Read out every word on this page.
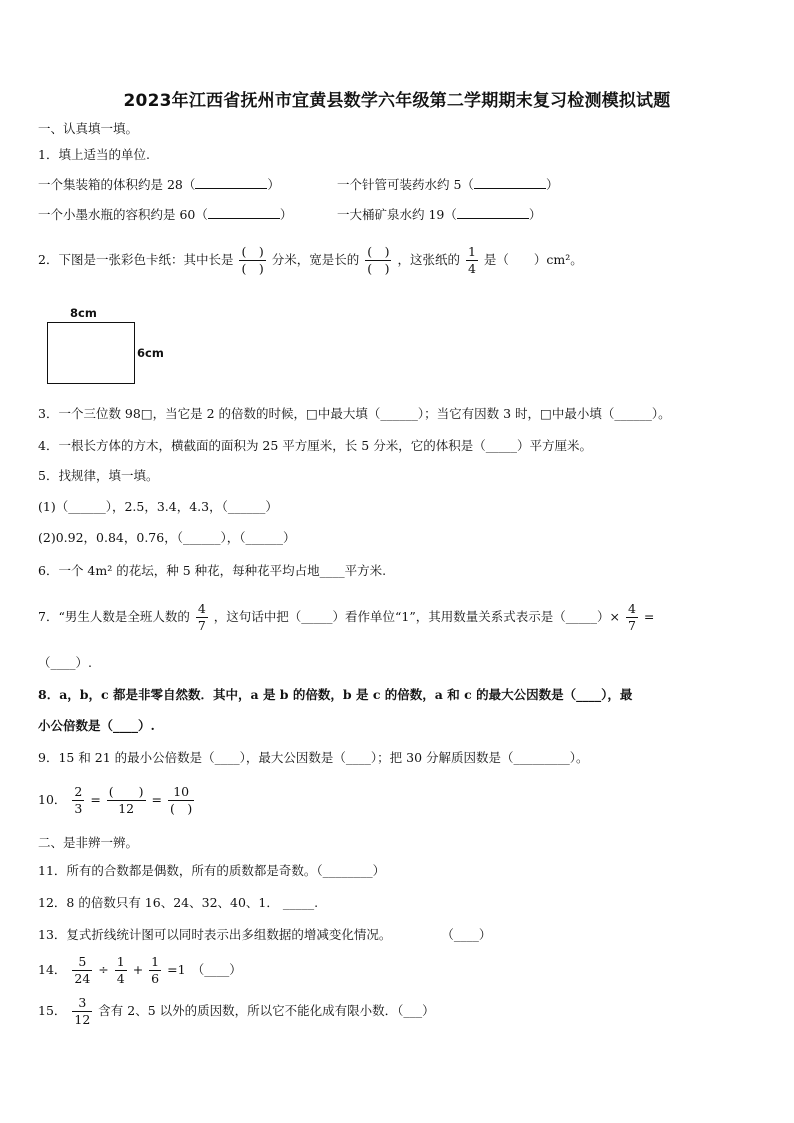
2023年江西省抚州市宜黄县数学六年级第二学期期末复习检测模拟试题
一、认真填一填。
1．填上适当的单位.
一个集装箱的体积约是 28（	）	一个针管可装药水约 5（	）
一个小墨水瓶的容积约是 60（	）	一大桶矿泉水约 19（	）
2．下图是一张彩色卡纸：其中长是 $\frac{( )}{( )}$ 分米，宽是长的 $\frac{( )}{( )}$ ，这张纸的 $\frac{1}{4}$ 是（　　）cm²。
8cm
6cm
3．一个三位数 98□，当它是 2 的倍数的时候，□中最大填（______）；当它有因数 3 时，□中最小填（______）。
4．一根长方体的方木，横截面的面积为 25 平方厘米，长 5 分米，它的体积是（_____）平方厘米。
5．找规律，填一填。
(1)（______），2.5，3.4，4.3，（______）
(2)0.92，0.84，0.76，（______），（______）
6．一个 4m² 的花坛，种 5 种花，每种花平均占地____平方米.
7．“男生人数是全班人数的 $\frac{4}{7}$ ，这句话中把（_____）看作单位“1”，其用数量关系式表示是（_____）× $\frac{4}{7}$ =
（____）.
8．a，b，c 都是非零自然数．其中，a 是 b 的倍数，b 是 c 的倍数，a 和 c 的最大公因数是（____），最
小公倍数是（____）.
9．15 和 21 的最小公倍数是（____），最大公因数是（____）；把 30 分解质因数是（_________）。
10． $\frac{2}{3} = \frac{( )}{12} = \frac{10}{( )}$
二、是非辨一辨。
11．所有的合数都是偶数，所有的质数都是奇数。（________）
12．8 的倍数只有 16、24、32、40、1． _____.
13．复式折线统计图可以同时表示出多组数据的增减变化情况。　　　　　（____）
14． $\frac{5}{24} \div \frac{1}{4} + \frac{1}{6} =1$　（____）
15． $\frac{3}{12}$ 含有 2、5 以外的质因数，所以它不能化成有限小数．（___）
